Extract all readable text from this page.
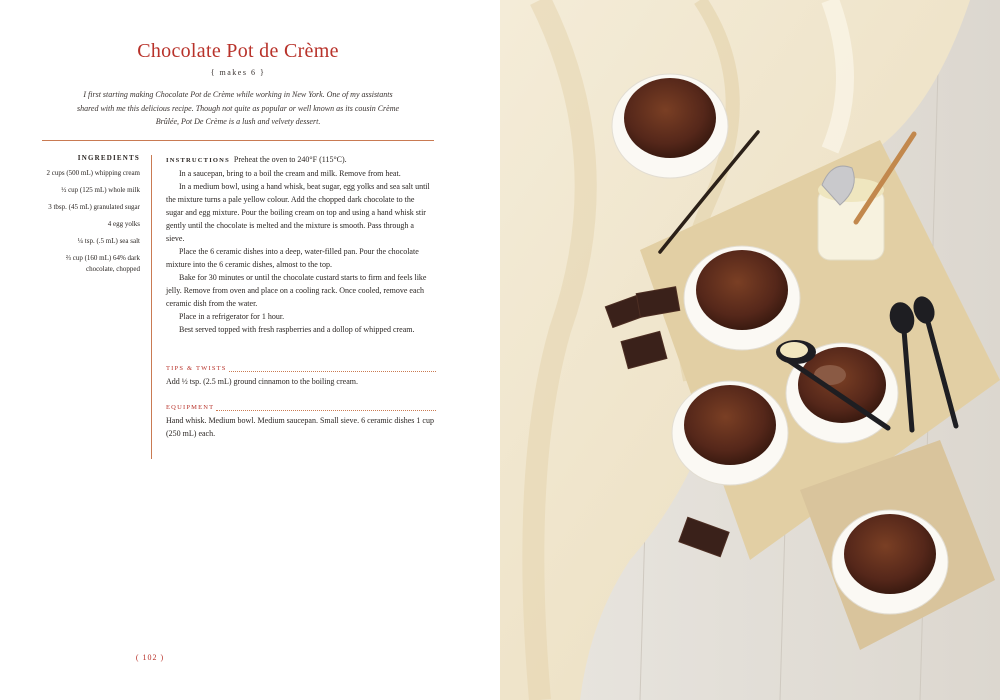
Chocolate Pot de Crème
{ makes 6 }
I first starting making Chocolate Pot de Crème while working in New York. One of my assistants shared with me this delicious recipe. Though not quite as popular or well known as its cousin Crème Brûlée, Pot De Crème is a lush and velvety dessert.
INGREDIENTS
2 cups (500 mL) whipping cream
½ cup (125 mL) whole milk
3 tbsp. (45 mL) granulated sugar
4 egg yolks
¼ tsp. (.5 mL) sea salt
⅔ cup (160 mL) 64% dark chocolate, chopped

INSTRUCTIONS Preheat the oven to 240°F (115°C).

In a saucepan, bring to a boil the cream and milk. Remove from heat.

In a medium bowl, using a hand whisk, beat sugar, egg yolks and sea salt until the mixture turns a pale yellow colour. Add the chopped dark chocolate to the sugar and egg mixture. Pour the boiling cream on top and using a hand whisk stir gently until the chocolate is melted and the mixture is smooth. Pass through a sieve.

Place the 6 ceramic dishes into a deep, water-filled pan. Pour the chocolate mixture into the 6 ceramic dishes, almost to the top.

Bake for 30 minutes or until the chocolate custard starts to firm and feels like jelly. Remove from oven and place on a cooling rack. Once cooled, remove each ceramic dish from the water.

Place in a refrigerator for 1 hour.

Best served topped with fresh raspberries and a dollop of whipped cream.

TIPS & TWISTS
Add ½ tsp. (2.5 mL) ground cinnamon to the boiling cream.
EQUIPMENT
Hand whisk. Medium bowl. Medium saucepan. Small sieve. 6 ceramic dishes 1 cup (250 mL) each.
( 102 )
